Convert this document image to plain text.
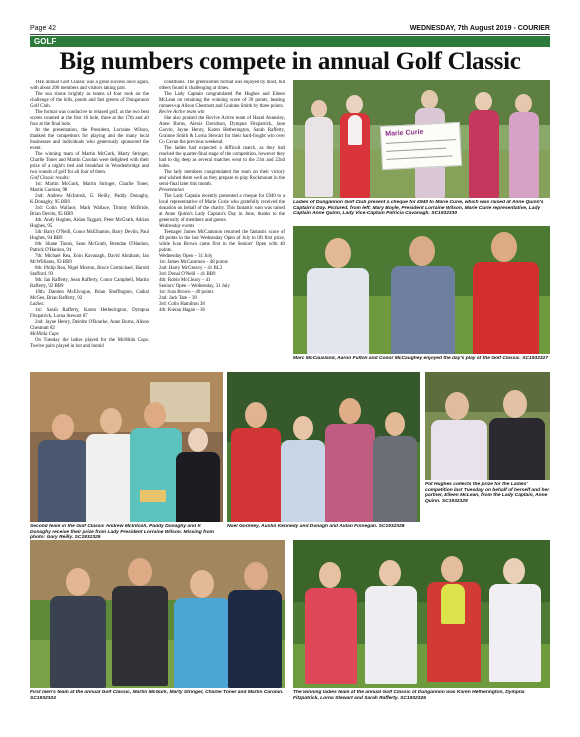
Page 42	WEDNESDAY, 7th August 2019 - COURIER
GOLF
Big numbers compete in annual Golf Classic

THE annual Golf Classic was a great success once again, with about 200 members and visitors taking part.

The sun shone brightly as teams of four took on the challenge of the hills, ponds and fast greens of Dungannon Golf Club.

The format was conducive to relaxed golf, as the two best scores counted at the first 16 hole, three at the 17th and all four at the final hole.

At the presentation, the President, Lorraine Wilson, thanked the competitors for playing and the many local businesses and individuals who generously sponsored the event.

The winning team of Martin McGurk, Marty Stringer, Charlie Toner and Martin Carolan were delighted with their prize of a night's bed and breakfast in Woodenbridge and two rounds of golf for all four of them.

Golf Classic results:

1st: Martin McGurk, Martin Stringer, Charlie Toner, Martin Carolan, 98

2nd: Andrew McIntosh, G. Reilly, Paddy Donaghy, K.Donaghy, 95 BB9

3rd: Colin Wallace, Mark Wallace, Timmy McBride, Brian Devlin, 95 BB9

4th: Andy Hughes, Aidan Taggart, Peter McGrath, Adrian Hughes, 95

5th: Barry O'Neill, Conor McElhatton, Barry Devlin, Paul Hughes, 94 BB9

6th: Shane Tinnis, Sean McGrath, Brendan O'Hanlon, Patrick O'Hanlon, 94

7th: Michael Rea, Eoin Kavanagh, David Abraham, Ian McWilliams, 93 BB9

8th: Philip Rea, Nigel Morton, Bruce Carmichael, Harold Stafford, 93

9th: Ian Rafferty, Sean Rafferty, Conor Campbell, Martin Rafferty, 92 BB9

10th: Damien McElvogue, Brian Sheffington, Cathal McGee, Brian Rafferty, 92

Ladies:

1st: Sarah Rafferty, Karen Hetherington, Dympna Fitzpatrick, Lorna Stewart 87

2nd: Jayne Henry, Deirdre O'Rourke, Anne Burns, Alison Chestnutt 82

McHilda Cups

On Tuesday the ladies played for the McHilda Cups. Twelve pairs played in hot and humid

conditions. The greensomes format was enjoyed by most, but others found it challenging at times.

The Lady Captain congratulated Pat Hughes and Eileen McLean on retaining the winning score of 30 points, beating runners-up Alison Chestnutt and Grainne Smith by three points.

Revive Active team win

She also praised the Revive Active team of Hazel Annesley, Anne Burns, Alexis Davidson, Dympna Fitzpatrick, Jane Garvin, Jayne Henry, Karen Hetherington, Sarah Rafferty, Grainne Smith & Lorna Stewart for their hard-fought win over Co Cavan the previous weekend.

The ladies had expected a difficult match, as they had reached the quarter-final stage of the competition, however they had to dig deep as several matches went to the 21st and 22nd holes.

The lady members congratulated the team on their victory and wished them well as they prepare to play Rockmount in the semi-final later this month.

Presentation

The Lady Captain recently presented a cheque for £940 to a local representative of Marie Curie who gratefully received the donation on behalf of the charity. This fantastic sum was raised at Anne Quinn's Lady Captain's Day in June, thanks to the generosity of members and guests.

Wednesday events

Teenager James McCammon returned the fantastic score of 48 points in the last Wednesday Open of July to lift first prize, while Ivan Brown came first in the Seniors' Open with 40 points.

Wednesday Open – 31 July

1st: James McCammon – 48 points

2nd: Harry McGreavy – 41 BL3

3rd: Donal O'Neill – 41 BB9

4th: Robin McCleary – 41

Seniors' Open – Wednesday, 31 July

1st: Ivan Brown – 40 points

2nd: Jack Tate – 39

3rd: Colin Hamilton 38

4th: Kieran Hagan – 36

Marie Curie
Ladies of Dungannon Golf Club present a cheque for £940 to Marie Curie, which was raised at Anne Quinn's Captain's Day. Pictured, from left: Mary Boyle, President Lorraine Wilson, Marie Curie representative, Lady Captain Anne Quinn, Lady Vice-Captain Patricia Cavanagh. SC1932330
Marc McCausland, Aaron Fulton and Conor McCaughey enjoyed the day's play at the Golf Classic. SC1932327
Second team in the Golf Classic Andrew McIntosh, Paddy Donaghy and K Donaghy receive their prize from Lady President Lorraine Wilson. Missing from photo: Gary Reilly. SC1932325
Noel Gormley, Austin Kennedy and Donagh and Aidan Finnegan. SC1932328
Pat Hughes collects the prize for the Ladies' competition last Tuesday on behalf of herself and her partner, Eileen McLean, from the Lady Captain, Anne Quinn. SC1932329
First men's team at the annual Golf Classic, Martin McGurk, Marty Stringer, Charlie Toner and Martin Carolan. SC1932324
The winning ladies team at the annual Golf Classic at Dungannon was Karen Hetherington, Dympna Fitzpatrick, Lorna Stewart and Sarah Rafferty. SC1932326
